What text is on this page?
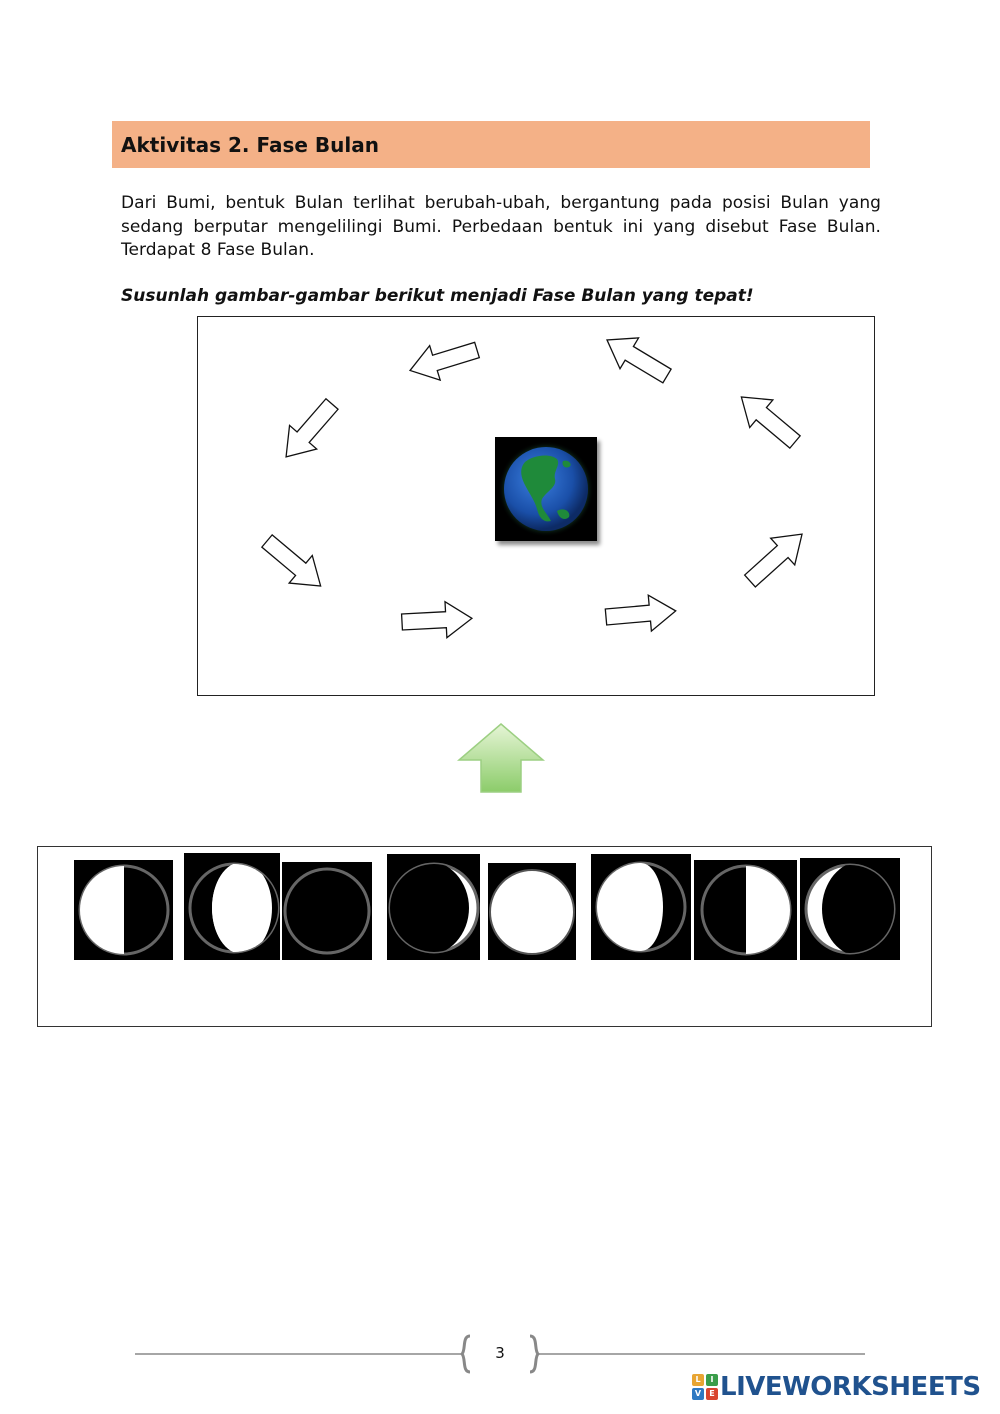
Aktivitas 2. Fase Bulan
Dari Bumi, bentuk Bulan terlihat berubah-ubah, bergantung pada posisi Bulan yang sedang berputar mengelilingi Bumi. Perbedaan bentuk ini yang disebut Fase Bulan. Terdapat 8 Fase Bulan.
Susunlah gambar-gambar berikut menjadi Fase Bulan yang tepat!
3
L	I
V	E LIVEWORKSHEETS
